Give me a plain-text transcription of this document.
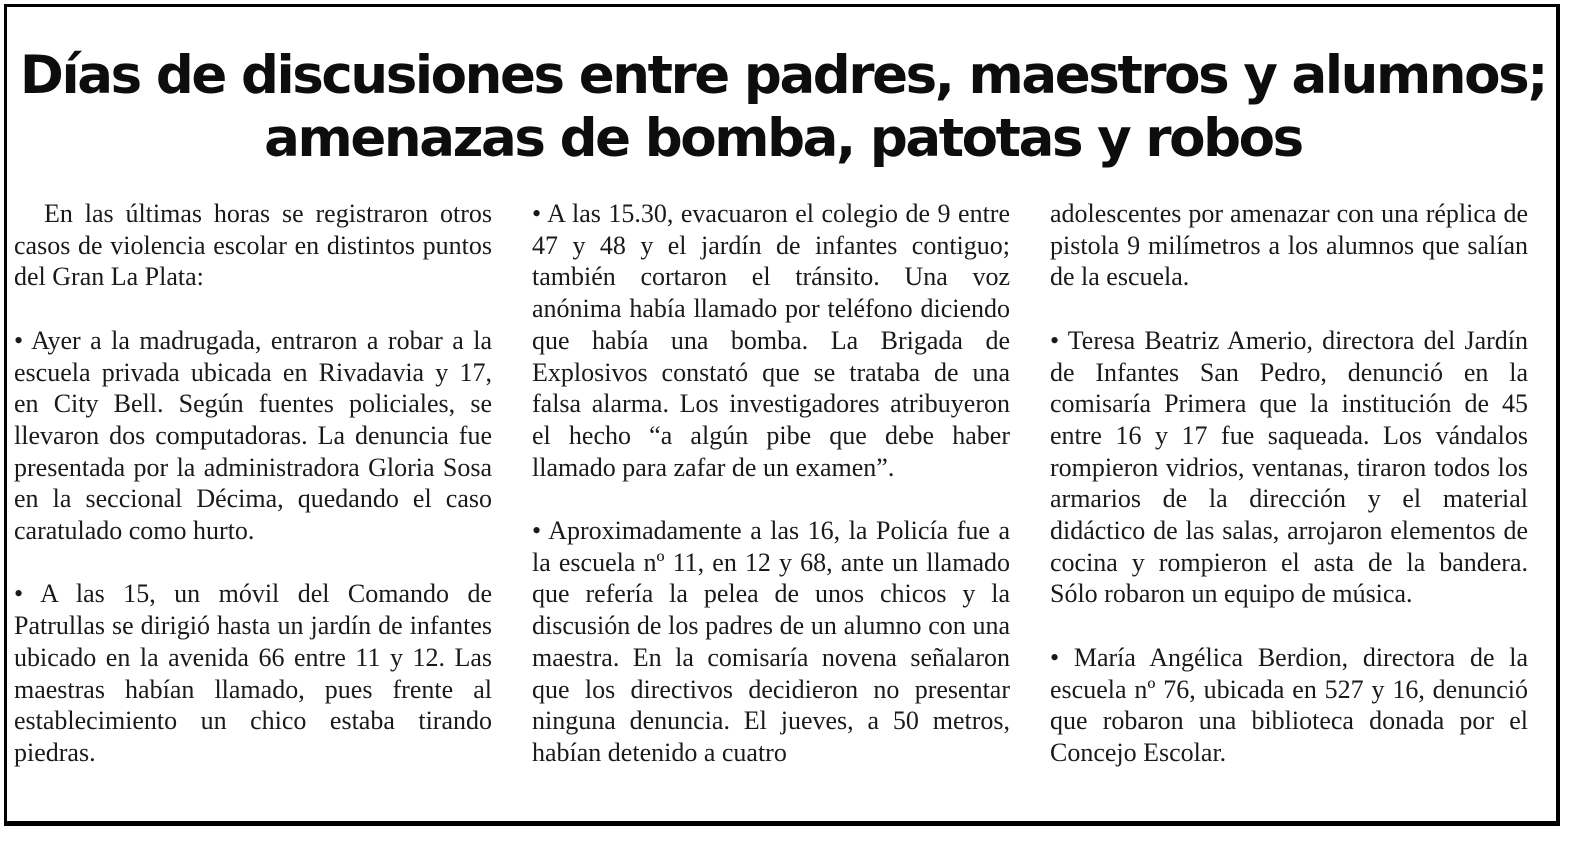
Días de discusiones entre padres, maestros y alumnos;
amenazas de bomba, patotas y robos

En las últimas horas se registraron otros casos de violencia escolar en distintos puntos del Gran La Plata:

• Ayer a la madrugada, entraron a robar a la escuela privada ubicada en Rivadavia y 17, en City Bell. Según fuentes policiales, se llevaron dos computadoras. La denuncia fue presentada por la administradora Gloria Sosa en la seccional Décima, quedando el caso caratulado como hurto.

• A las 15, un móvil del Comando de Patrullas se dirigió hasta un jardín de infantes ubicado en la avenida 66 entre 11 y 12. Las maestras habían llamado, pues frente al establecimiento un chico estaba tirando piedras.

• A las 15.30, evacuaron el colegio de 9 entre 47 y 48 y el jardín de infantes contiguo; también cortaron el tránsito. Una voz anónima había llamado por teléfono diciendo que había una bomba. La Brigada de Explosivos constató que se trataba de una falsa alarma. Los investigadores atribuyeron el hecho “a algún pibe que debe haber llamado para zafar de un examen”.

• Aproximadamente a las 16, la Policía fue a la escuela nº 11, en 12 y 68, ante un llamado que refería la pelea de unos chicos y la discusión de los padres de un alumno con una maestra. En la comisaría novena señalaron que los directivos decidieron no presentar ninguna denuncia. El jueves, a 50 metros, habían detenido a cuatro

adolescentes por amenazar con una réplica de pistola 9 milímetros a los alumnos que salían de la escuela.

• Teresa Beatriz Amerio, directora del Jardín de Infantes San Pedro, denunció en la comisaría Primera que la institución de 45 entre 16 y 17 fue saqueada. Los vándalos rompieron vidrios, ventanas, tiraron todos los armarios de la dirección y el material didáctico de las salas, arrojaron elementos de cocina y rompieron el asta de la bandera. Sólo robaron un equipo de música.

• María Angélica Berdion, directora de la escuela nº 76, ubicada en 527 y 16, denunció que robaron una biblioteca donada por el Concejo Escolar.
